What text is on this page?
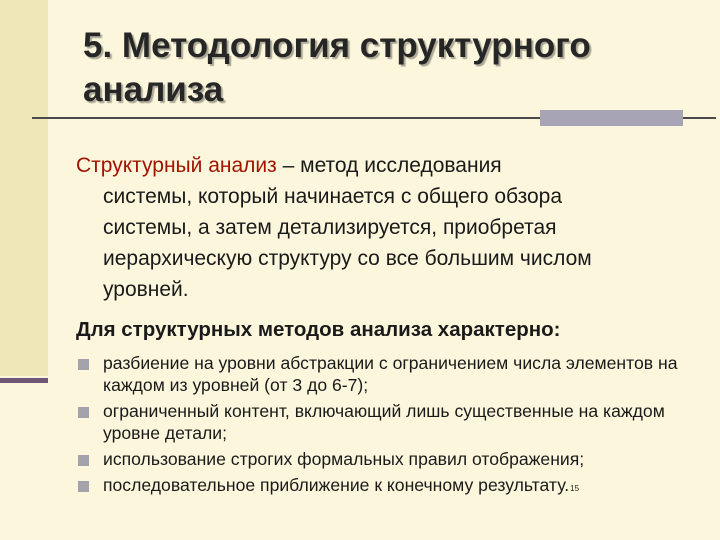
5. Методология структурного анализа
Структурный анализ – метод исследования
системы, который начинается с общего обзора
системы, а затем детализируется, приобретая
иерархическую структуру со все большим числом
уровней.
Для структурных методов анализа характерно:
разбиение на уровни абстракции с ограничением числа элементов на каждом из уровней (от 3 до 6-7);
ограниченный контент, включающий лишь существенные на каждом уровне детали;
использование строгих формальных правил отображения;
последовательное приближение к конечному результату.15
